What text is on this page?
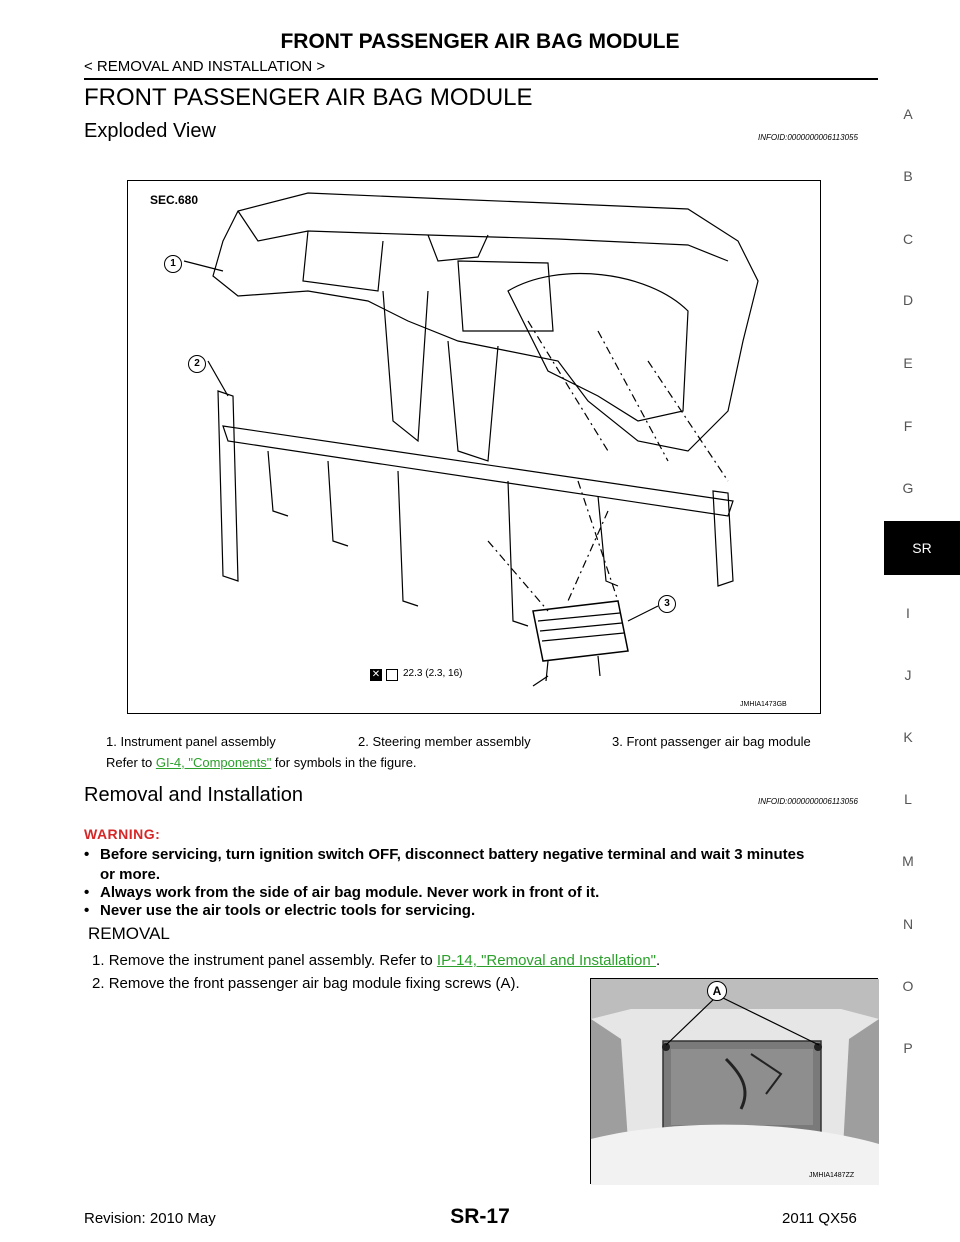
FRONT PASSENGER AIR BAG MODULE
< REMOVAL AND INSTALLATION >
FRONT PASSENGER AIR BAG MODULE
Exploded View	INFOID:0000000006113055
SEC.680
1
2
3
✕ 22.3 (2.3, 16)
JMHIA1473GB
1. Instrument panel assembly	2. Steering member assembly	3. Front passenger air bag module
Refer to GI-4, "Components" for symbols in the figure.
Removal and Installation	INFOID:0000000006113056
WARNING:
• Before servicing, turn ignition switch OFF, disconnect battery negative terminal and wait 3 minutes
or more.
• Always work from the side of air bag module. Never work in front of it.
• Never use the air tools or electric tools for servicing.
REMOVAL
1. Remove the instrument panel assembly. Refer to IP-14, "Removal and Installation".
2. Remove the front passenger air bag module fixing screws (A).	A
JMHIA1487ZZ
Revision: 2010 May	SR-17	2011 QX56
A
B
C
D
E
F
G
SR
I
J
K
L
M
N
O
P
